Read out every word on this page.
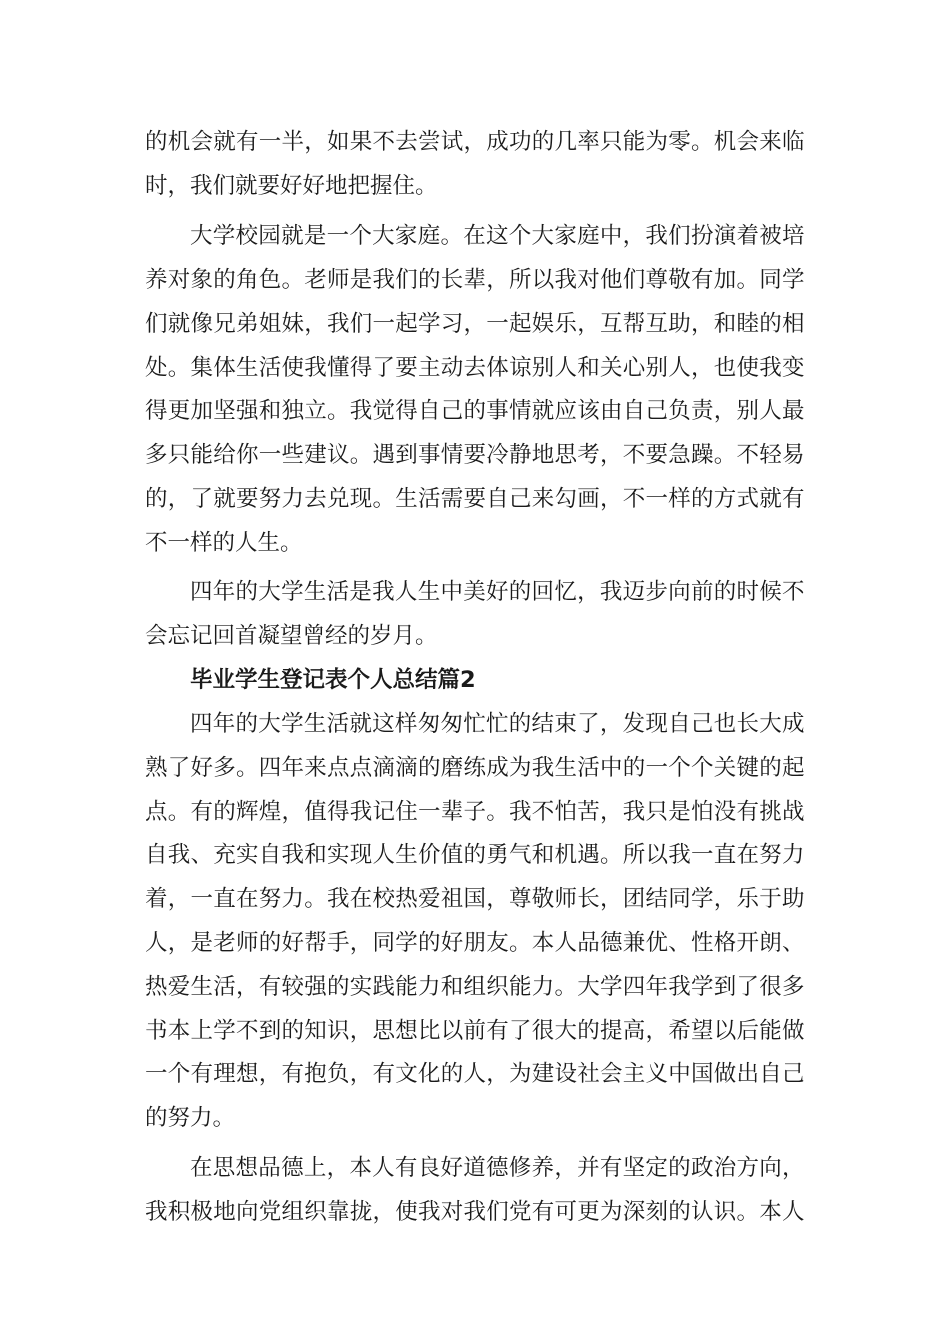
的机会就有一半，如果不去尝试，成功的几率只能为零。机会来临
时，我们就要好好地把握住。
大学校园就是一个大家庭。在这个大家庭中，我们扮演着被培
养对象的角色。老师是我们的长辈，所以我对他们尊敬有加。同学
们就像兄弟姐妹，我们一起学习，一起娱乐，互帮互助，和睦的相
处。集体生活使我懂得了要主动去体谅别人和关心别人，也使我变
得更加坚强和独立。我觉得自己的事情就应该由自己负责，别人最
多只能给你一些建议。遇到事情要冷静地思考，不要急躁。不轻易
的，了就要努力去兑现。生活需要自己来勾画，不一样的方式就有
不一样的人生。
四年的大学生活是我人生中美好的回忆，我迈步向前的时候不
会忘记回首凝望曾经的岁月。
毕业学生登记表个人总结篇2
四年的大学生活就这样匆匆忙忙的结束了，发现自己也长大成
熟了好多。四年来点点滴滴的磨练成为我生活中的一个个关键的起
点。有的辉煌，值得我记住一辈子。我不怕苦，我只是怕没有挑战
自我、充实自我和实现人生价值的勇气和机遇。所以我一直在努力
着，一直在努力。我在校热爱祖国，尊敬师长，团结同学，乐于助
人，是老师的好帮手，同学的好朋友。本人品德兼优、性格开朗、
热爱生活，有较强的实践能力和组织能力。大学四年我学到了很多
书本上学不到的知识，思想比以前有了很大的提高，希望以后能做
一个有理想，有抱负，有文化的人，为建设社会主义中国做出自己
的努力。
在思想品德上，本人有良好道德修养，并有坚定的政治方向，
我积极地向党组织靠拢，使我对我们党有可更为深刻的认识。本人
